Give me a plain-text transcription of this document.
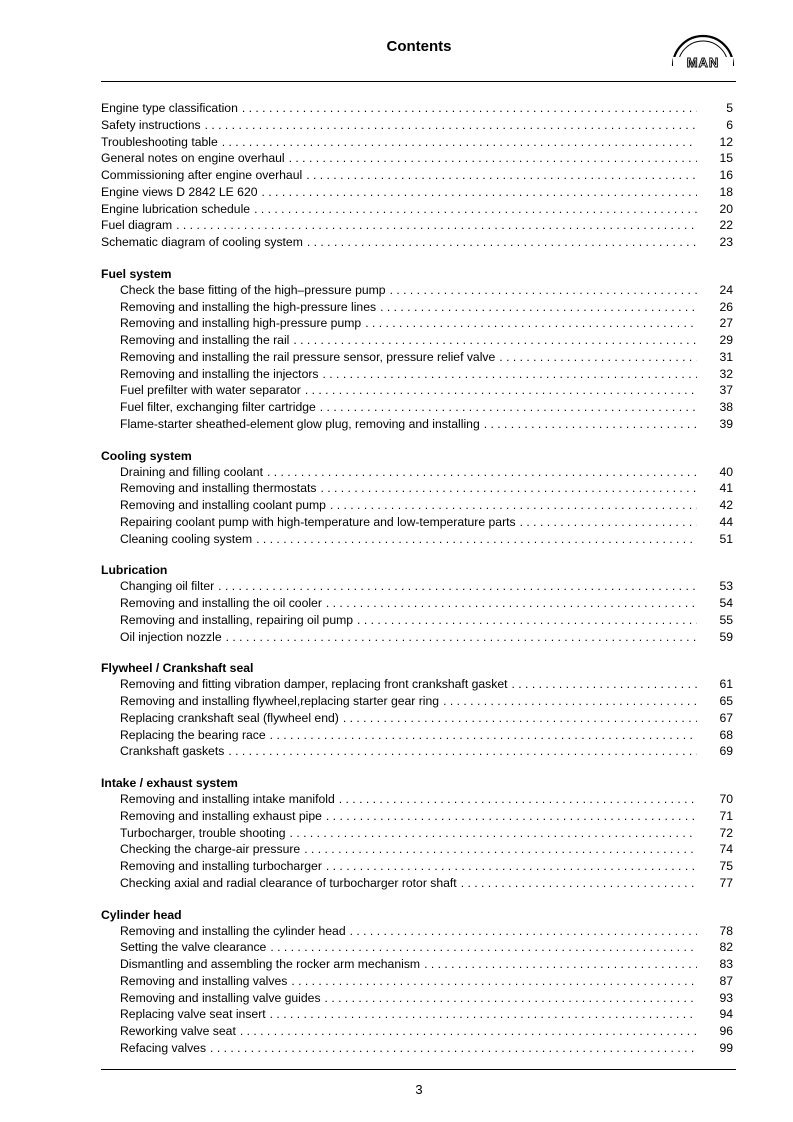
Contents
MAN
Engine type classification . . .	5
Safety instructions . . .	6
Troubleshooting table . . .	12
General notes on engine overhaul . . .	15
Commissioning after engine overhaul . . .	16
Engine views D 2842 LE 620 . . .	18
Engine lubrication schedule . . .	20
Fuel diagram . . .	22
Schematic diagram of cooling system . . .	23
Fuel system
Check the base fitting of the high–pressure pump . . .	24
Removing and installing the high-pressure lines . . .	26
Removing and installing high-pressure pump . . .	27
Removing and installing the rail . . .	29
Removing and installing the rail pressure sensor, pressure relief valve . . .	31
Removing and installing the injectors . . .	32
Fuel prefilter with water separator . . .	37
Fuel filter, exchanging filter cartridge . . .	38
Flame-starter sheathed-element glow plug, removing and installing . . .	39
Cooling system
Draining and filling coolant . . .	40
Removing and installing thermostats . . .	41
Removing and installing coolant pump . . .	42
Repairing coolant pump with high-temperature and low-temperature parts . . .	44
Cleaning cooling system . . .	51
Lubrication
Changing oil filter . . .	53
Removing and installing the oil cooler . . .	54
Removing and installing, repairing oil pump . . .	55
Oil injection nozzle . . .	59
Flywheel / Crankshaft seal
Removing and fitting vibration damper, replacing front crankshaft gasket . . .	61
Removing and installing flywheel,replacing starter gear ring . . .	65
Replacing crankshaft seal (flywheel end) . . .	67
Replacing the bearing race . . .	68
Crankshaft gaskets . . .	69
Intake / exhaust system
Removing and installing intake manifold . . .	70
Removing and installing exhaust pipe . . .	71
Turbocharger, trouble shooting . . .	72
Checking the charge-air pressure . . .	74
Removing and installing turbocharger . . .	75
Checking axial and radial clearance of turbocharger rotor shaft . . .	77
Cylinder head
Removing and installing the cylinder head . . .	78
Setting the valve clearance . . .	82
Dismantling and assembling the rocker arm mechanism . . .	83
Removing and installing valves . . .	87
Removing and installing valve guides . . .	93
Replacing valve seat insert . . .	94
Reworking valve seat . . .	96
Refacing valves . . .	99
3
